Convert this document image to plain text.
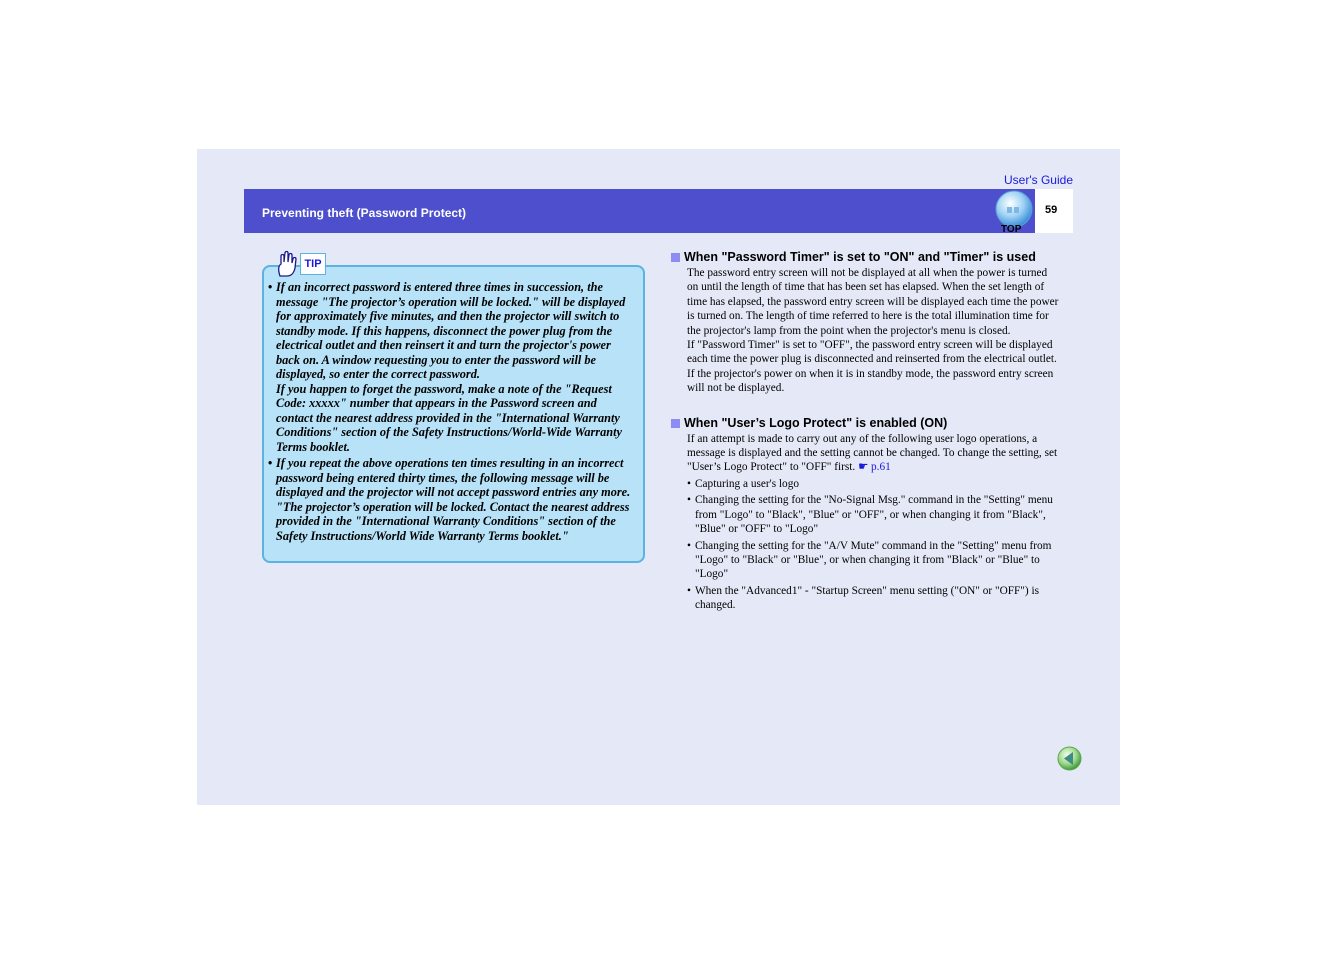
User's Guide
Preventing theft (Password Protect)	59
TOP
TIP
• If an incorrect password is entered three times in succession, the message "The projector’s operation will be locked." will be displayed for approximately five minutes, and then the projector will switch to standby mode. If this happens, disconnect the power plug from the electrical outlet and then reinsert it and turn the projector's power back on. A window requesting you to enter the password will be displayed, so enter the correct password.

If you happen to forget the password, make a note of the "Request Code: xxxxx" number that appears in the Password screen and contact the nearest address provided in the "International Warranty Conditions" section of the Safety Instructions/World-Wide Warranty Terms booklet.

• If you repeat the above operations ten times resulting in an incorrect password being entered thirty times, the following message will be displayed and the projector will not accept password entries any more.

"The projector’s operation will be locked. Contact the nearest address provided in the "International Warranty Conditions" section of the Safety Instructions/World Wide Warranty Terms booklet."

When "Password Timer" is set to "ON" and "Timer" is used

The password entry screen will not be displayed at all when the power is turned on until the length of time that has been set has elapsed. When the set length of time has elapsed, the password entry screen will be displayed each time the power is turned on. The length of time referred to here is the total illumination time for the projector's lamp from the point when the projector's menu is closed.

If "Password Timer" is set to "OFF", the password entry screen will be displayed each time the power plug is disconnected and reinserted from the electrical outlet. If the projector's power on when it is in standby mode, the password entry screen will not be displayed.

When "User’s Logo Protect" is enabled (ON)

If an attempt is made to carry out any of the following user logo operations, a message is displayed and the setting cannot be changed. To change the setting, set "User’s Logo Protect" to "OFF" first. ☛ p.61

• Capturing a user's logo
• Changing the setting for the "No-Signal Msg." command in the "Setting" menu from "Logo" to "Black", "Blue" or "OFF", or when changing it from "Black", "Blue" or "OFF" to "Logo"
• Changing the setting for the "A/V Mute" command in the "Setting" menu from "Logo" to "Black" or "Blue", or when changing it from "Black" or "Blue" to "Logo"
• When the "Advanced1" - "Startup Screen" menu setting ("ON" or "OFF") is changed.
